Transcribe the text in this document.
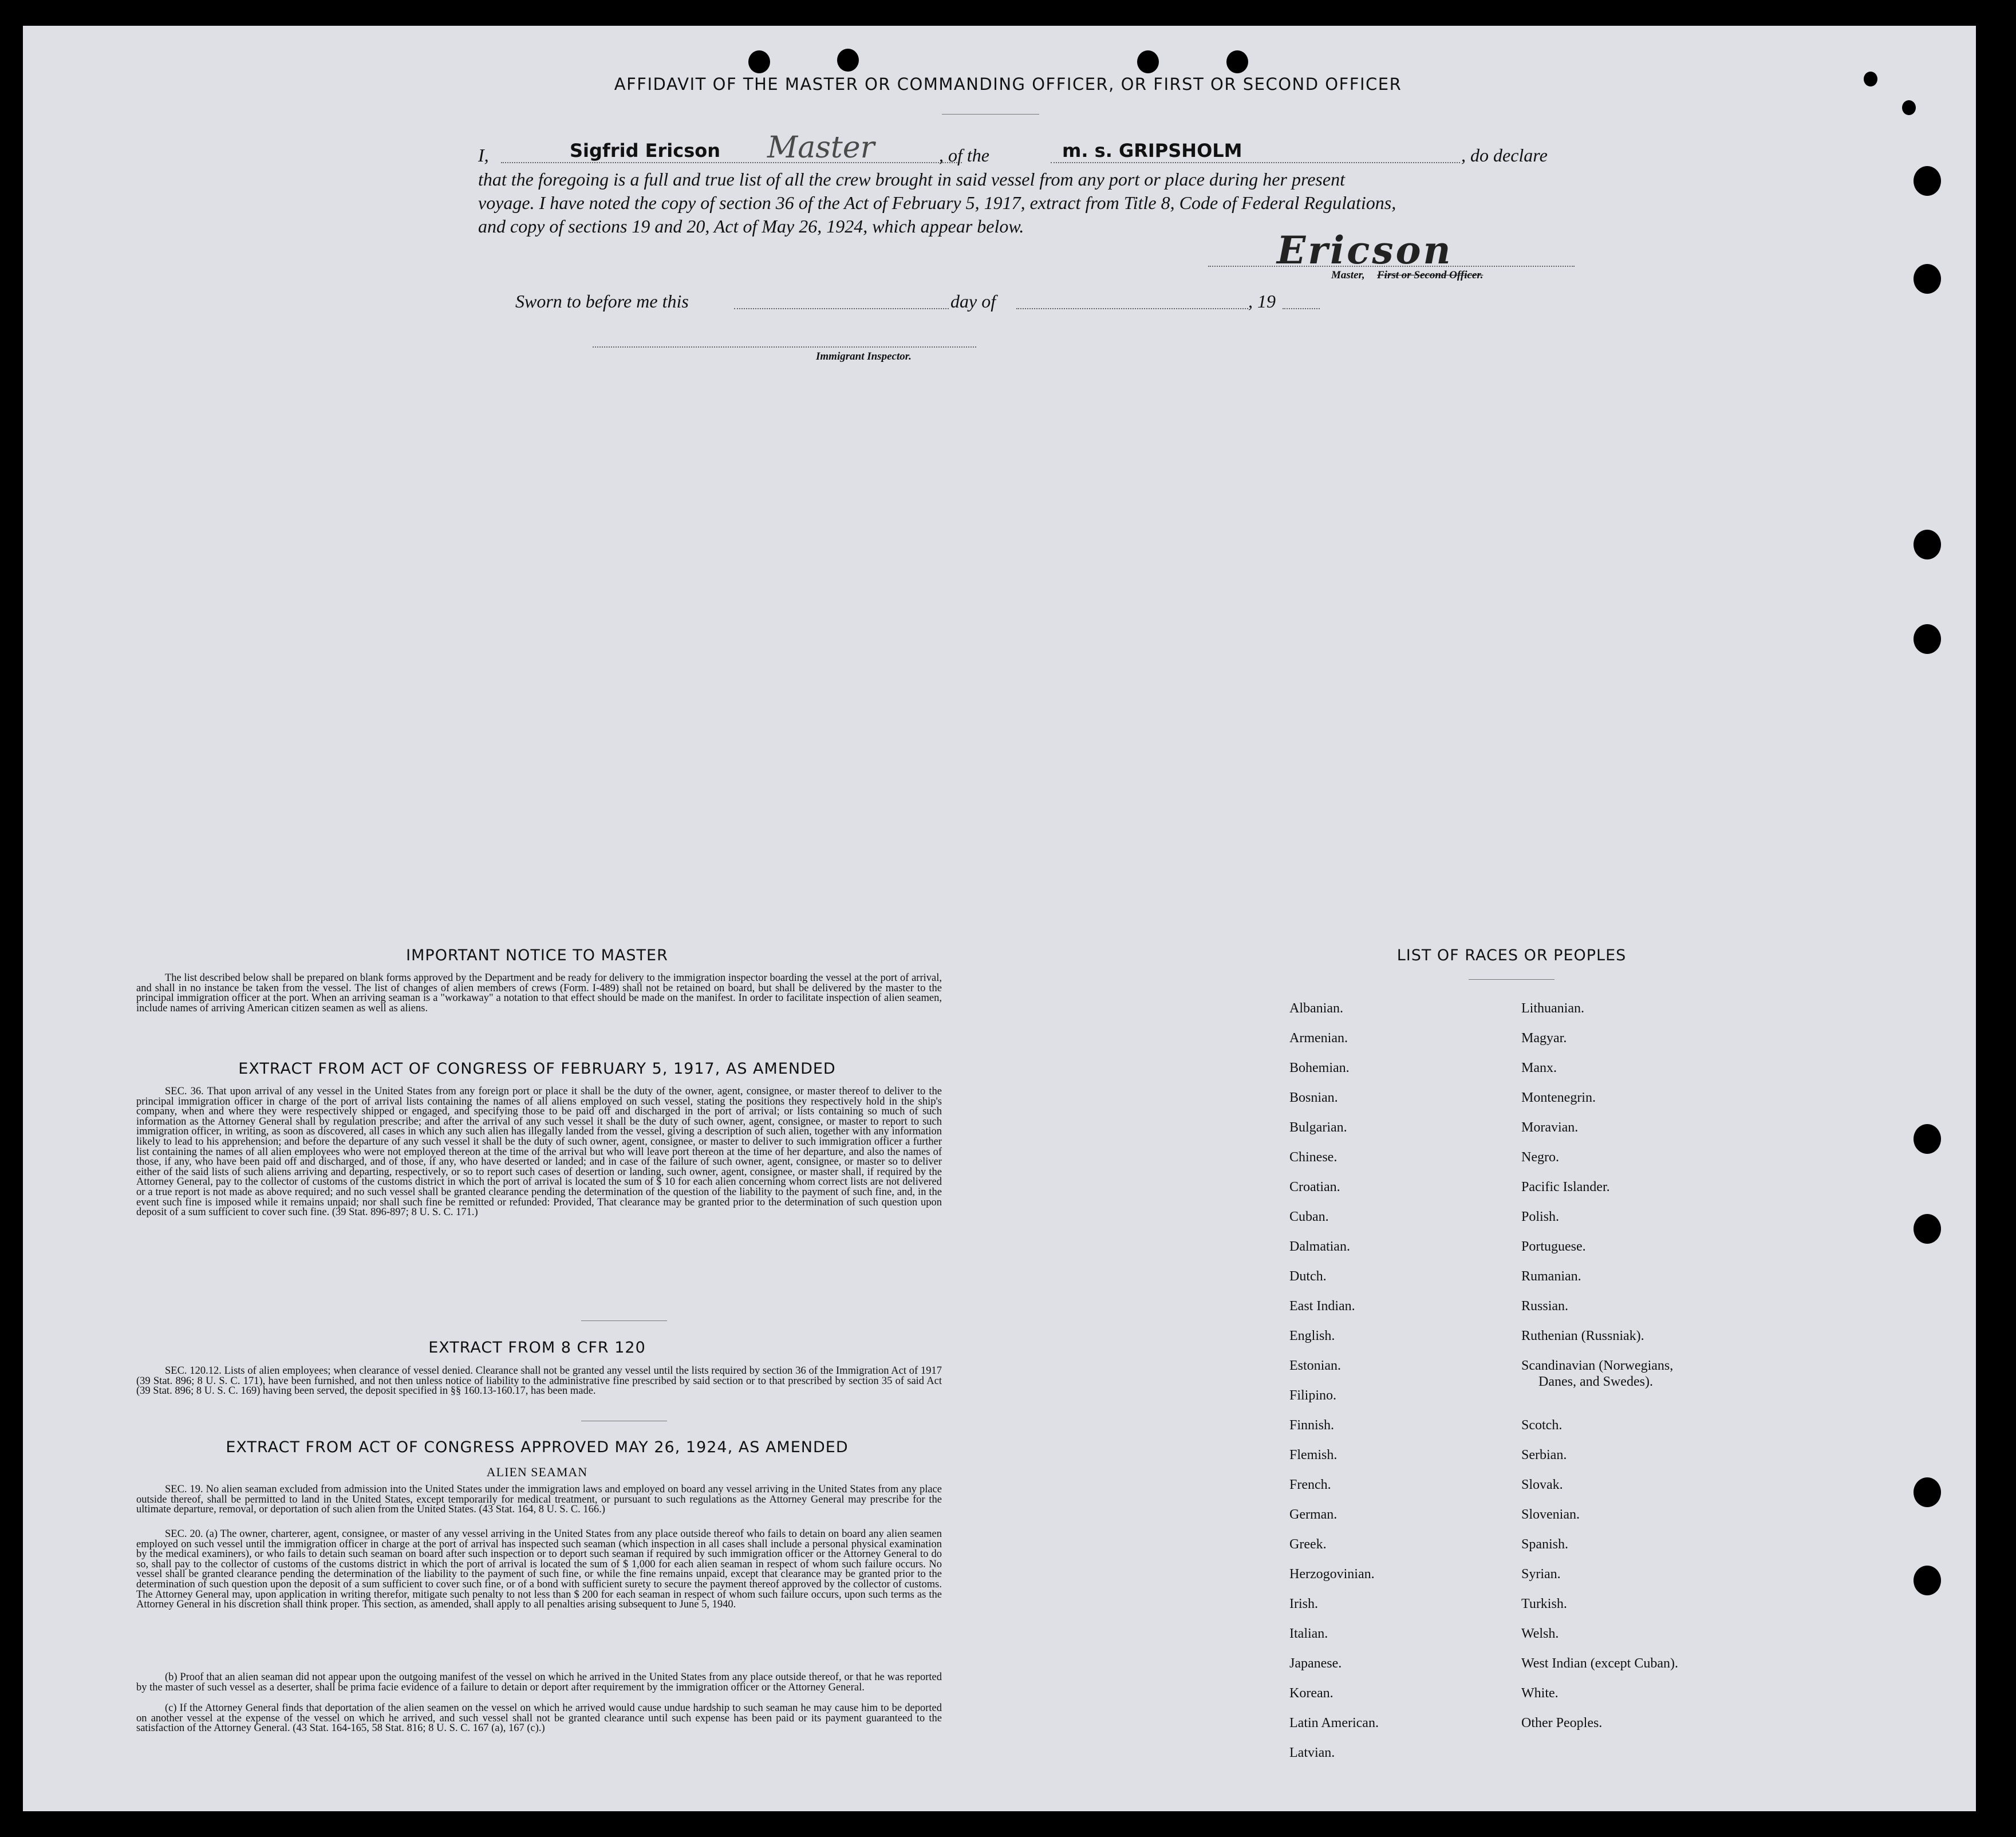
AFFIDAVIT OF THE MASTER OR COMMANDING OFFICER, OR FIRST OR SECOND OFFICER
I,	Sigfrid Ericson Master	, of the	m. s. GRIPSHOLM	, do declare
that the foregoing is a full and true list of all the crew brought in said vessel from any port or place during her present
voyage. I have noted the copy of section 36 of the Act of February 5, 1917, extract from Title 8, Code of Federal Regulations,
and copy of sections 19 and 20, Act of May 26, 1924, which appear below.
Ericson
Master, First or Second Officer.
Sworn to before me this	day of	, 19
Immigrant Inspector.
IMPORTANT NOTICE TO MASTER

The list described below shall be prepared on blank forms approved by the Department and be ready for delivery to the immigration inspector boarding the vessel at the port of arrival, and shall in no instance be taken from the vessel. The list of changes of alien members of crews (Form. I-489) shall not be retained on board, but shall be delivered by the master to the principal immigration officer at the port. When an arriving seaman is a "workaway" a notation to that effect should be made on the manifest. In order to facilitate inspection of alien seamen, include names of arriving American citizen seamen as well as aliens.

EXTRACT FROM ACT OF CONGRESS OF FEBRUARY 5, 1917, AS AMENDED

SEC. 36. That upon arrival of any vessel in the United States from any foreign port or place it shall be the duty of the owner, agent, consignee, or master thereof to deliver to the principal immigration officer in charge of the port of arrival lists containing the names of all aliens employed on such vessel, stating the positions they respectively hold in the ship's company, when and where they were respectively shipped or engaged, and specifying those to be paid off and discharged in the port of arrival; or lists containing so much of such information as the Attorney General shall by regulation prescribe; and after the arrival of any such vessel it shall be the duty of such owner, agent, consignee, or master to report to such immigration officer, in writing, as soon as discovered, all cases in which any such alien has illegally landed from the vessel, giving a description of such alien, together with any information likely to lead to his apprehension; and before the departure of any such vessel it shall be the duty of such owner, agent, consignee, or master to deliver to such immigration officer a further list containing the names of all alien employees who were not employed thereon at the time of the arrival but who will leave port thereon at the time of her departure, and also the names of those, if any, who have been paid off and discharged, and of those, if any, who have deserted or landed; and in case of the failure of such owner, agent, consignee, or master so to deliver either of the said lists of such aliens arriving and departing, respectively, or so to report such cases of desertion or landing, such owner, agent, consignee, or master shall, if required by the Attorney General, pay to the collector of customs of the customs district in which the port of arrival is located the sum of $ 10 for each alien concerning whom correct lists are not delivered or a true report is not made as above required; and no such vessel shall be granted clearance pending the determination of the question of the liability to the payment of such fine, and, in the event such fine is imposed while it remains unpaid; nor shall such fine be remitted or refunded: Provided, That clearance may be granted prior to the determination of such question upon deposit of a sum sufficient to cover such fine. (39 Stat. 896-897; 8 U. S. C. 171.)

EXTRACT FROM 8 CFR 120

SEC. 120.12. Lists of alien employees; when clearance of vessel denied. Clearance shall not be granted any vessel until the lists required by section 36 of the Immigration Act of 1917 (39 Stat. 896; 8 U. S. C. 171), have been furnished, and not then unless notice of liability to the administrative fine prescribed by said section or to that prescribed by section 35 of said Act (39 Stat. 896; 8 U. S. C. 169) having been served, the deposit specified in §§ 160.13-160.17, has been made.

EXTRACT FROM ACT OF CONGRESS APPROVED MAY 26, 1924, AS AMENDED
ALIEN SEAMAN

SEC. 19. No alien seaman excluded from admission into the United States under the immigration laws and employed on board any vessel arriving in the United States from any place outside thereof, shall be permitted to land in the United States, except temporarily for medical treatment, or pursuant to such regulations as the Attorney General may prescribe for the ultimate departure, removal, or deportation of such alien from the United States. (43 Stat. 164, 8 U. S. C. 166.)

SEC. 20. (a) The owner, charterer, agent, consignee, or master of any vessel arriving in the United States from any place outside thereof who fails to detain on board any alien seamen employed on such vessel until the immigration officer in charge at the port of arrival has inspected such seaman (which inspection in all cases shall include a personal physical examination by the medical examiners), or who fails to detain such seaman on board after such inspection or to deport such seaman if required by such immigration officer or the Attorney General to do so, shall pay to the collector of customs of the customs district in which the port of arrival is located the sum of $ 1,000 for each alien seaman in respect of whom such failure occurs. No vessel shall be granted clearance pending the determination of the liability to the payment of such fine, or while the fine remains unpaid, except that clearance may be granted prior to the determination of such question upon the deposit of a sum sufficient to cover such fine, or of a bond with sufficient surety to secure the payment thereof approved by the collector of customs. The Attorney General may, upon application in writing therefor, mitigate such penalty to not less than $ 200 for each seaman in respect of whom such failure occurs, upon such terms as the Attorney General in his discretion shall think proper. This section, as amended, shall apply to all penalties arising subsequent to June 5, 1940.

(b) Proof that an alien seaman did not appear upon the outgoing manifest of the vessel on which he arrived in the United States from any place outside thereof, or that he was reported by the master of such vessel as a deserter, shall be prima facie evidence of a failure to detain or deport after requirement by the immigration officer or the Attorney General.

(c) If the Attorney General finds that deportation of the alien seamen on the vessel on which he arrived would cause undue hardship to such seaman he may cause him to be deported on another vessel at the expense of the vessel on which he arrived, and such vessel shall not be granted clearance until such expense has been paid or its payment guaranteed to the satisfaction of the Attorney General. (43 Stat. 164-165, 58 Stat. 816; 8 U. S. C. 167 (a), 167 (c).)

LIST OF RACES OR PEOPLES
Albanian.
Armenian.
Bohemian.
Bosnian.
Bulgarian.
Chinese.
Croatian.
Cuban.
Dalmatian.
Dutch.
East Indian.
English.
Estonian.
Filipino.
Finnish.
Flemish.
French.
German.
Greek.
Herzogovinian.
Irish.
Italian.
Japanese.
Korean.
Latin American.
Latvian.
Lithuanian.
Magyar.
Manx.
Montenegrin.
Moravian.
Negro.
Pacific Islander.
Polish.
Portuguese.
Rumanian.
Russian.
Ruthenian (Russniak).
Scandinavian (Norwegians,
Danes, and Swedes).
Scotch.
Serbian.
Slovak.
Slovenian.
Spanish.
Syrian.
Turkish.
Welsh.
West Indian (except Cuban).
White.
Other Peoples.
